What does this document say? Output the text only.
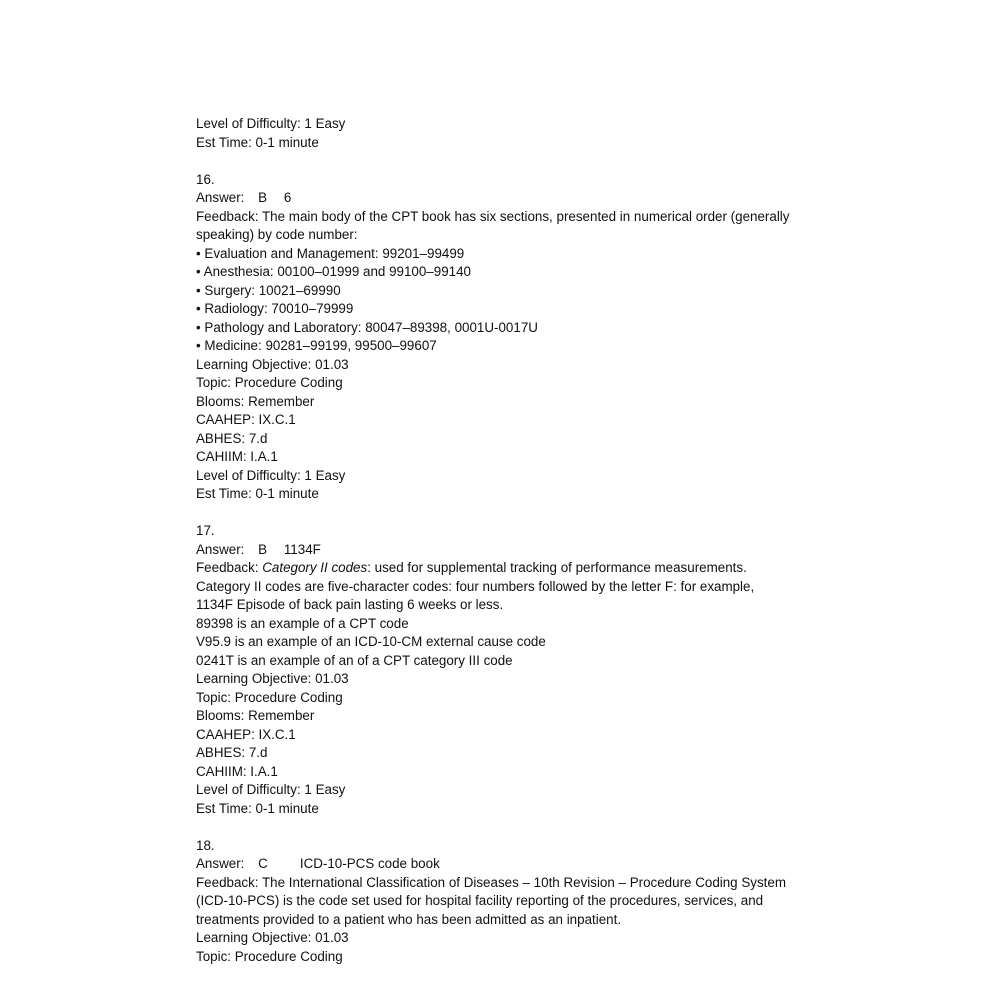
Level of Difficulty: 1 Easy
Est Time: 0-1 minute
16.
Answer: B 6
Feedback: The main body of the CPT book has six sections, presented in numerical order (generally
speaking) by code number:
• Evaluation and Management: 99201–99499
• Anesthesia: 00100–01999 and 99100–99140
• Surgery: 10021–69990
• Radiology: 70010–79999
• Pathology and Laboratory: 80047–89398, 0001U-0017U
• Medicine: 90281–99199, 99500–99607
Learning Objective: 01.03
Topic: Procedure Coding
Blooms: Remember
CAAHEP: IX.C.1
ABHES: 7.d
CAHIIM: I.A.1
Level of Difficulty: 1 Easy
Est Time: 0-1 minute
17.
Answer: B 1134F
Feedback: Category II codes: used for supplemental tracking of performance measurements.
Category II codes are five-character codes: four numbers followed by the letter F: for example,
1134F Episode of back pain lasting 6 weeks or less.
89398 is an example of a CPT code
V95.9 is an example of an ICD-10-CM external cause code
0241T is an example of an of a CPT category III code
Learning Objective: 01.03
Topic: Procedure Coding
Blooms: Remember
CAAHEP: IX.C.1
ABHES: 7.d
CAHIIM: I.A.1
Level of Difficulty: 1 Easy
Est Time: 0-1 minute
18.
Answer: C ICD-10-PCS code book
Feedback: The International Classification of Diseases – 10th Revision – Procedure Coding System
(ICD-10-PCS) is the code set used for hospital facility reporting of the procedures, services, and
treatments provided to a patient who has been admitted as an inpatient.
Learning Objective: 01.03
Topic: Procedure Coding
